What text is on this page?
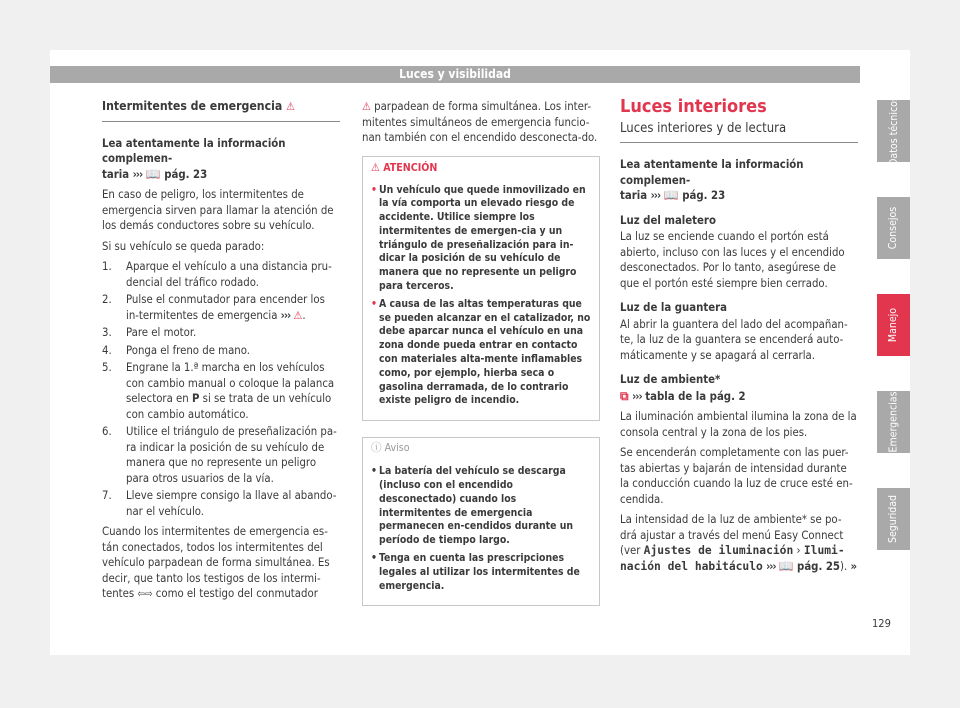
Luces y visibilidad
Intermitentes de emergencia ⚠

Lea atentamente la información complemen-
taria ››› 📖 pág. 23

En caso de peligro, los intermitentes de emergencia sirven para llamar la atención de los demás conductores sobre su vehículo.

Si su vehículo se queda parado:

1. Aparque el vehículo a una distancia pru-dencial del tráfico rodado.
2. Pulse el conmutador para encender los in-termitentes de emergencia ››› ⚠.
3. Pare el motor.
4. Ponga el freno de mano.
5. Engrane la 1.ª marcha en los vehículos con cambio manual o coloque la palanca selectora en P si se trata de un vehículo con cambio automático.
6. Utilice el triángulo de preseñalización pa-ra indicar la posición de su vehículo de manera que no represente un peligro para otros usuarios de la vía.
7. Lleve siempre consigo la llave al abando-nar el vehículo.

Cuando los intermitentes de emergencia es-tán conectados, todos los intermitentes del vehículo parpadean de forma simultánea. Es decir, que tanto los testigos de los intermi-tentes ⇦⇨ como el testigo del conmutador

⚠ parpadean de forma simultánea. Los inter-mitentes simultáneos de emergencia funcio-nan también con el encendido desconecta-do.

⚠ ATENCIÓN
• Un vehículo que quede inmovilizado en la vía comporta un elevado riesgo de accidente. Utilice siempre los intermitentes de emergen-cia y un triángulo de preseñalización para in-dicar la posición de su vehículo de manera que no represente un peligro para terceros.
• A causa de las altas temperaturas que se pueden alcanzar en el catalizador, no debe aparcar nunca el vehículo en una zona donde pueda entrar en contacto con materiales alta-mente inflamables como, por ejemplo, hierba seca o gasolina derramada, de lo contrario existe peligro de incendio.
ⓘ Aviso
• La batería del vehículo se descarga (incluso con el encendido desconectado) cuando los intermitentes de emergencia permanecen en-cendidos durante un período de tiempo largo.
• Tenga en cuenta las prescripciones legales al utilizar los intermitentes de emergencia.
Luces interiores
Luces interiores y de lectura

Lea atentamente la información complemen-
taria ››› 📖 pág. 23

Luz del maletero

La luz se enciende cuando el portón está abierto, incluso con las luces y el encendido desconectados. Por lo tanto, asegúrese de que el portón esté siempre bien cerrado.

Luz de la guantera

Al abrir la guantera del lado del acompañan-te, la luz de la guantera se encenderá auto-máticamente y se apagará al cerrarla.

Luz de ambiente*

⧉ ››› tabla de la pág. 2

La iluminación ambiental ilumina la zona de la consola central y la zona de los pies.

Se encenderán completamente con las puer-tas abiertas y bajarán de intensidad durante la conducción cuando la luz de cruce esté en-cendida.

La intensidad de la luz de ambiente* se po-drá ajustar a través del menú Easy Connect (ver Ajustes de iluminación › Ilumi-nación del habitáculo ››› 📖 pág. 25). »

Datos técnicos
Consejos
Manejo
Emergencias
Seguridad
129
